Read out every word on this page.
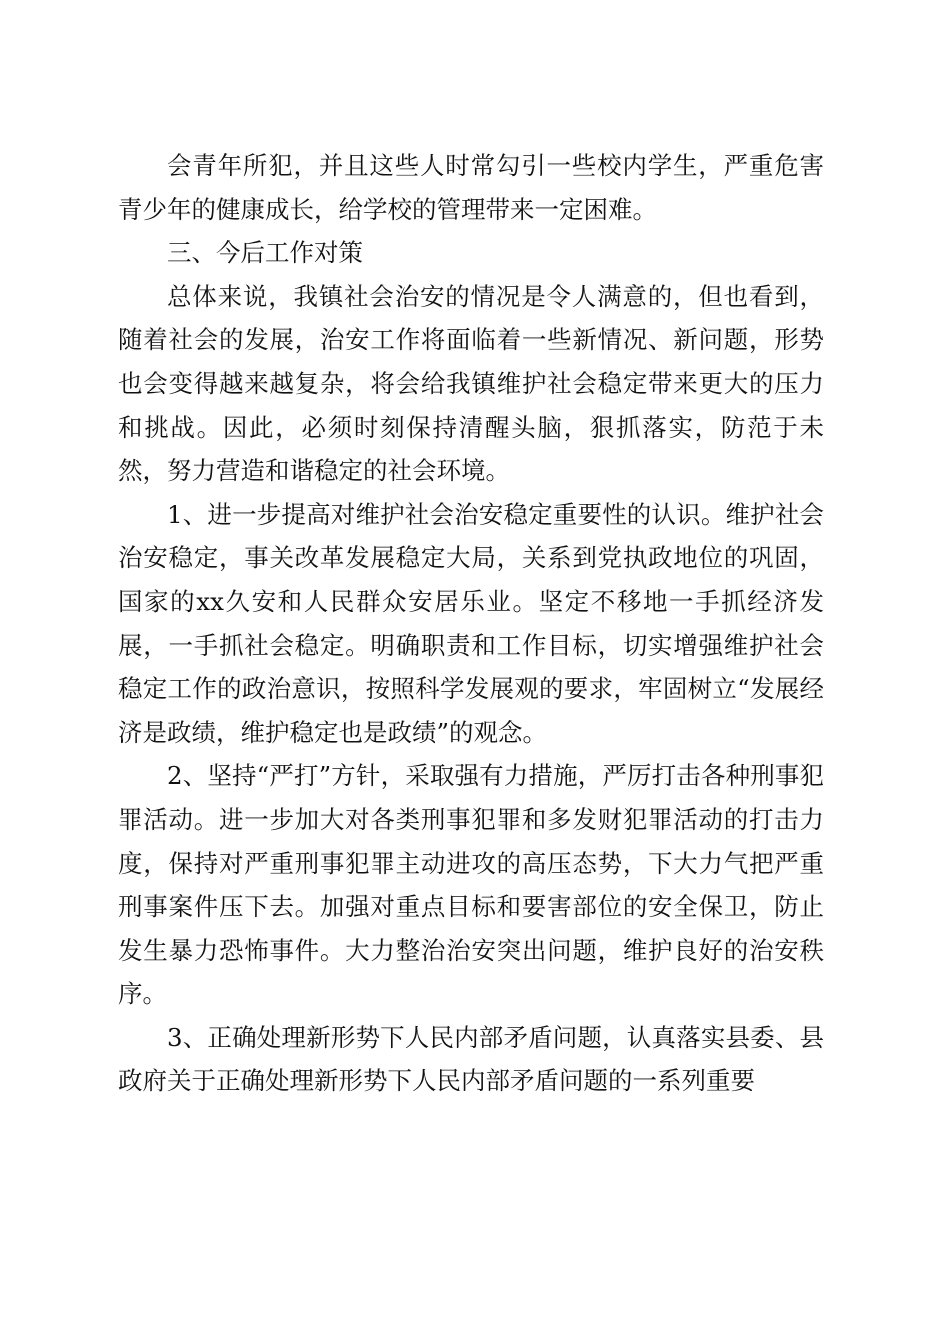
会青年所犯，并且这些人时常勾引一些校内学生，严重危害青少年的健康成长，给学校的管理带来一定困难。

三、今后工作对策

总体来说，我镇社会治安的情况是令人满意的，但也看到，随着社会的发展，治安工作将面临着一些新情况、新问题，形势也会变得越来越复杂，将会给我镇维护社会稳定带来更大的压力和挑战。因此，必须时刻保持清醒头脑，狠抓落实，防范于未然，努力营造和谐稳定的社会环境。

1、进一步提高对维护社会治安稳定重要性的认识。维护社会治安稳定，事关改革发展稳定大局，关系到党执政地位的巩固，国家的xx久安和人民群众安居乐业。坚定不移地一手抓经济发展，一手抓社会稳定。明确职责和工作目标，切实增强维护社会稳定工作的政治意识，按照科学发展观的要求，牢固树立“发展经济是政绩，维护稳定也是政绩”的观念。

2、坚持“严打”方针，采取强有力措施，严厉打击各种刑事犯罪活动。进一步加大对各类刑事犯罪和多发财犯罪活动的打击力度，保持对严重刑事犯罪主动进攻的高压态势，下大力气把严重刑事案件压下去。加强对重点目标和要害部位的安全保卫，防止发生暴力恐怖事件。大力整治治安突出问题，维护良好的治安秩序。

3、正确处理新形势下人民内部矛盾问题，认真落实县委、县政府关于正确处理新形势下人民内部矛盾问题的一系列重要
